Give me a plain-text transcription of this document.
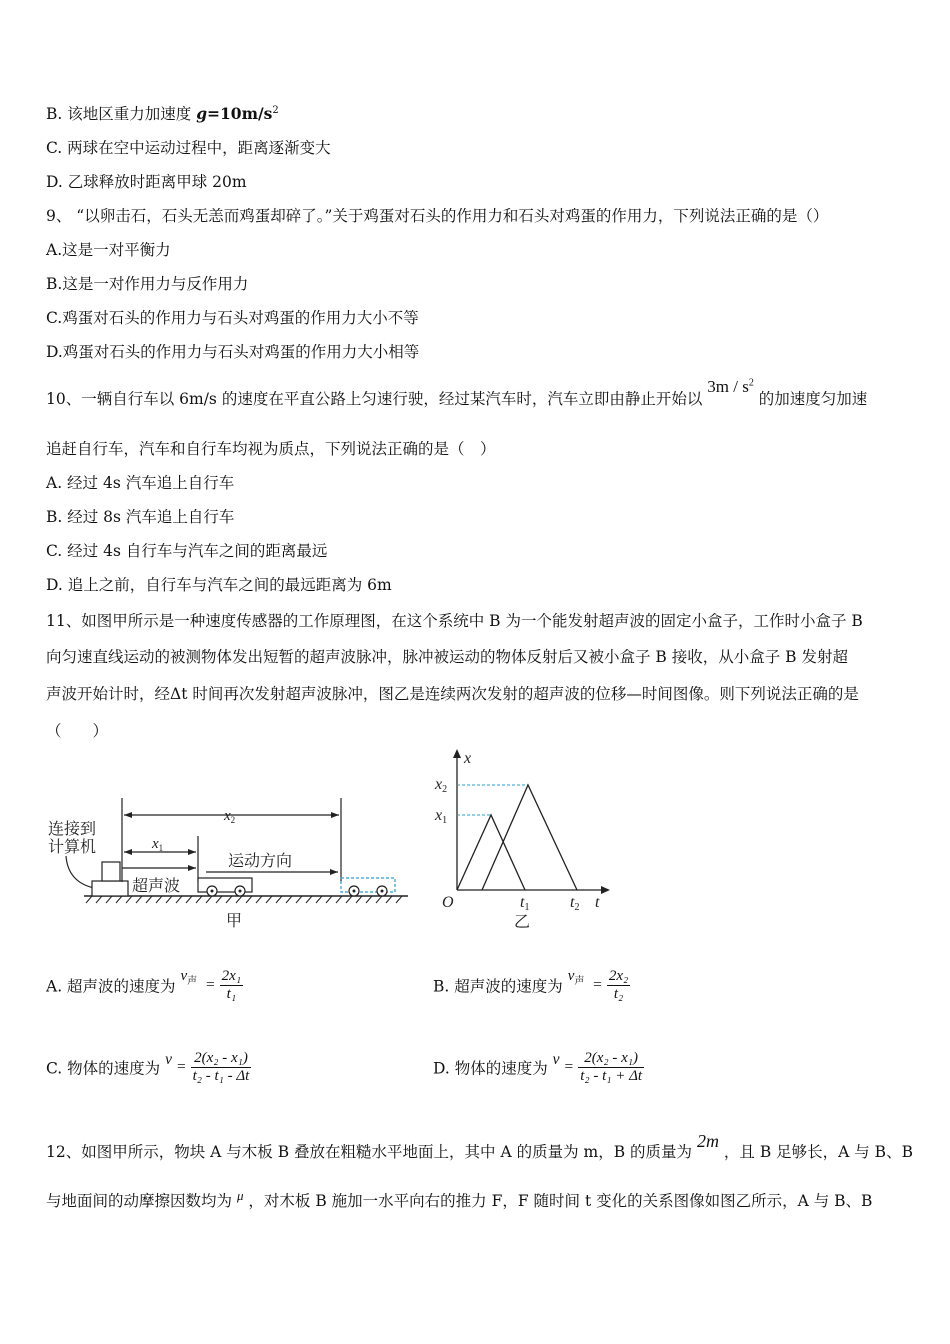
B. 该地区重力加速度 $g=10m/s^2$
C. 两球在空中运动过程中，距离逐渐变大
D. 乙球释放时距离甲球 20m
9、 “以卵击石，石头无恙而鸡蛋却碎了。”关于鸡蛋对石头的作用力和石头对鸡蛋的作用力，下列说法正确的是（）
A.这是一对平衡力
B.这是一对作用力与反作用力
C.鸡蛋对石头的作用力与石头对鸡蛋的作用力大小不等
D.鸡蛋对石头的作用力与石头对鸡蛋的作用力大小相等
10、一辆自行车以 6m/s 的速度在平直公路上匀速行驶，经过某汽车时，汽车立即由静止开始以 $3m / s^2$ 的加速度匀加速
追赶自行车，汽车和自行车均视为质点，下列说法正确的是（　）
A. 经过 4s 汽车追上自行车
B. 经过 8s 汽车追上自行车
C. 经过 4s 自行车与汽车之间的距离最远
D. 追上之前，自行车与汽车之间的最远距离为 6m
11、如图甲所示是一种速度传感器的工作原理图，在这个系统中 B 为一个能发射超声波的固定小盒子，工作时小盒子 B
向匀速直线运动的被测物体发出短暂的超声波脉冲，脉冲被运动的物体反射后又被小盒子 B 接收，从小盒子 B 发射超
声波开始计时，经Δt 时间再次发射超声波脉冲，图乙是连续两次发射的超声波的位移—时间图像。则下列说法正确的是
（　　）
连接到
计算机
运动方向
超声波
甲
$x_1$
$x_2$
x
t
O
x2
x1
t1	t2
乙
A. 超声波的速度为 $v_声 = \frac{\text{2x₁}}{\text{t₁}}$	B. 超声波的速度为 $v_声 = \frac{\text{2x₂}}{\text{t₂}}$
C. 物体的速度为 $v = \frac{\text{2(x₂ - x₁)}}{\text{t₂ - t₁ - Δt}}$	D. 物体的速度为 $v = \frac{\text{2(x₂ - x₁)}}{\text{t₂ - t₁ + Δt}}$
12、如图甲所示，物块 A 与木板 B 叠放在粗糙水平地面上，其中 A 的质量为 m，B 的质量为 2m ，且 B 足够长，A 与 B、B
与地面间的动摩擦因数均为 $^\mu$ ，对木板 B 施加一水平向右的推力 F，F 随时间 t 变化的关系图像如图乙所示，A 与 B、B
